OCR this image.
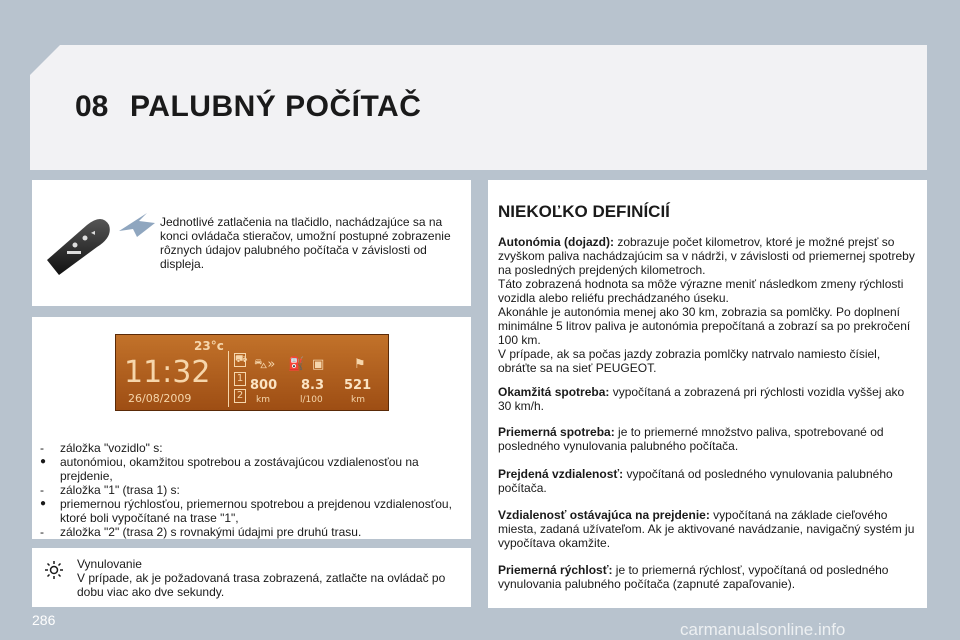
08 PALUBNÝ POČÍTAČ
◂
Jednotlivé zatlačenia na tlačidlo, nachádzajúce sa na konci ovládača stieračov, umožní postupné zobrazenie rôznych údajov palubného počítača v závislosti od displeja.
23°c
11:32
26/08/2009
⛟
1
2
⛍» ⛽ ▣ ⚑
800
km
8.3
l/100
521
km
- záložka "vozidlo" s:
● autonómiou, okamžitou spotrebou a zostávajúcou vzdialenosťou na prejdenie,
- záložka "1" (trasa 1) s:
● priemernou rýchlosťou, priemernou spotrebou a prejdenou vzdialenosťou, ktoré boli vypočítané na trase "1",
- záložka "2" (trasa 2) s rovnakými údajmi pre druhú trasu.
Vynulovanie
V prípade, ak je požadovaná trasa zobrazená, zatlačte na ovládač po dobu viac ako dve sekundy.
NIEKOĽKO DEFINÍCIÍ
Autonómia (dojazd): zobrazuje počet kilometrov, ktoré je možné prejsť so zvyškom paliva nachádzajúcim sa v nádrži, v závislosti od priemernej spotreby na posledných prejdených kilometroch.
Táto zobrazená hodnota sa môže výrazne meniť následkom zmeny rýchlosti vozidla alebo reliéfu prechádzaného úseku.
Akonáhle je autonómia menej ako 30 km, zobrazia sa pomlčky. Po doplnení minimálne 5 litrov paliva je autonómia prepočítaná a zobrazí sa po prekročení 100 km.
V prípade, ak sa počas jazdy zobrazia pomlčky natrvalo namiesto čísiel, obráťte sa na sieť PEUGEOT.
Okamžitá spotreba: vypočítaná a zobrazená pri rýchlosti vozidla vyššej ako 30 km/h.
Priemerná spotreba: je to priemerné množstvo paliva, spotrebované od posledného vynulovania palubného počítača.
Prejdená vzdialenosť: vypočítaná od posledného vynulovania palubného počítača.
Vzdialenosť ostávajúca na prejdenie: vypočítaná na základe cieľového miesta, zadaná užívateľom. Ak je aktivované navádzanie, navigačný systém ju vypočítava okamžite.
Priemerná rýchlosť: je to priemerná rýchlosť, vypočítaná od posledného vynulovania palubného počítača (zapnuté zapaľovanie).
286	carmanualsonline.info
